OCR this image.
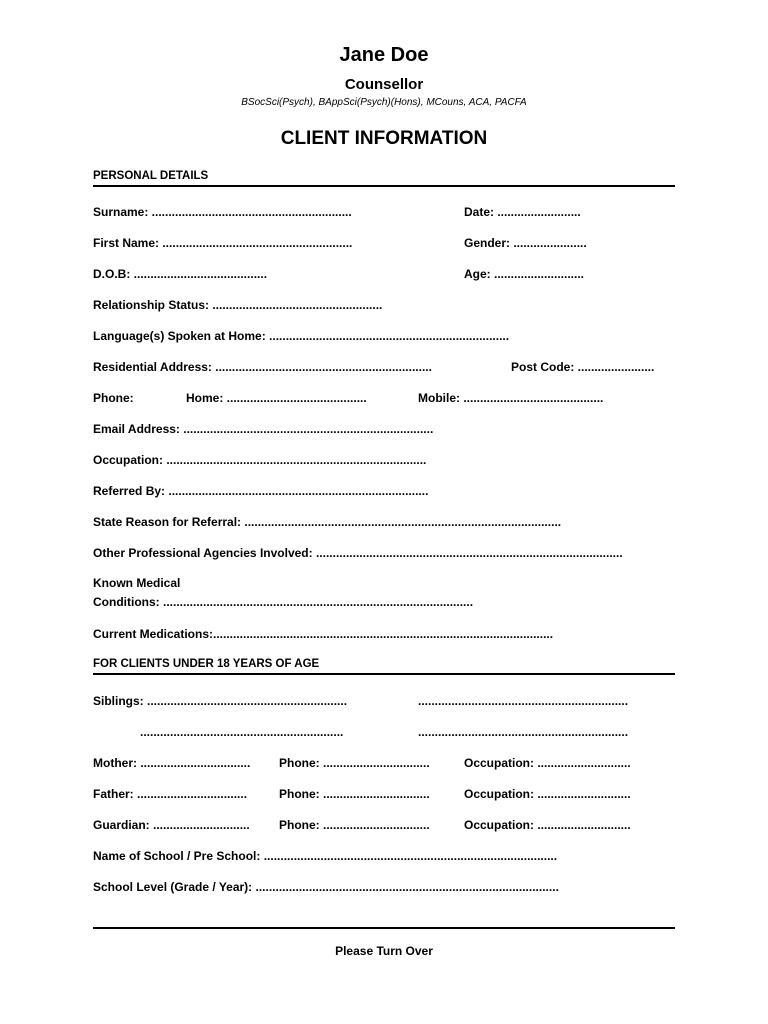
Jane Doe
Counsellor
BSocSci(Psych), BAppSci(Psych)(Hons), MCouns, ACA, PACFA
CLIENT INFORMATION
PERSONAL DETAILS
Surname: ............................................................	Date: .........................
First Name: .........................................................	Gender: ......................
D.O.B: ........................................	Age: ...........................
Relationship Status: ...................................................
Language(s) Spoken at Home: ........................................................................
Residential Address: .................................................................	Post Code: .......................
Phone:	Home: ..........................................	Mobile: ..........................................
Email Address: ...........................................................................
Occupation: ..............................................................................
Referred By: ..............................................................................
State Reason for Referral: ...............................................................................................
Other Professional Agencies Involved: ............................................................................................
Known Medical
Conditions: .............................................................................................
Current Medications:......................................................................................................
FOR CLIENTS UNDER 18 YEARS OF AGE
Siblings: ............................................................	...............................................................
.............................................................	...............................................................
Mother: ................................. Phone: ................................	Occupation: ............................
Father: .................................	Phone: ................................	Occupation: ............................
Guardian: ............................. Phone: ................................	Occupation: ............................
Name of School / Pre School: ........................................................................................
School Level (Grade / Year): ...........................................................................................
Please Turn Over
